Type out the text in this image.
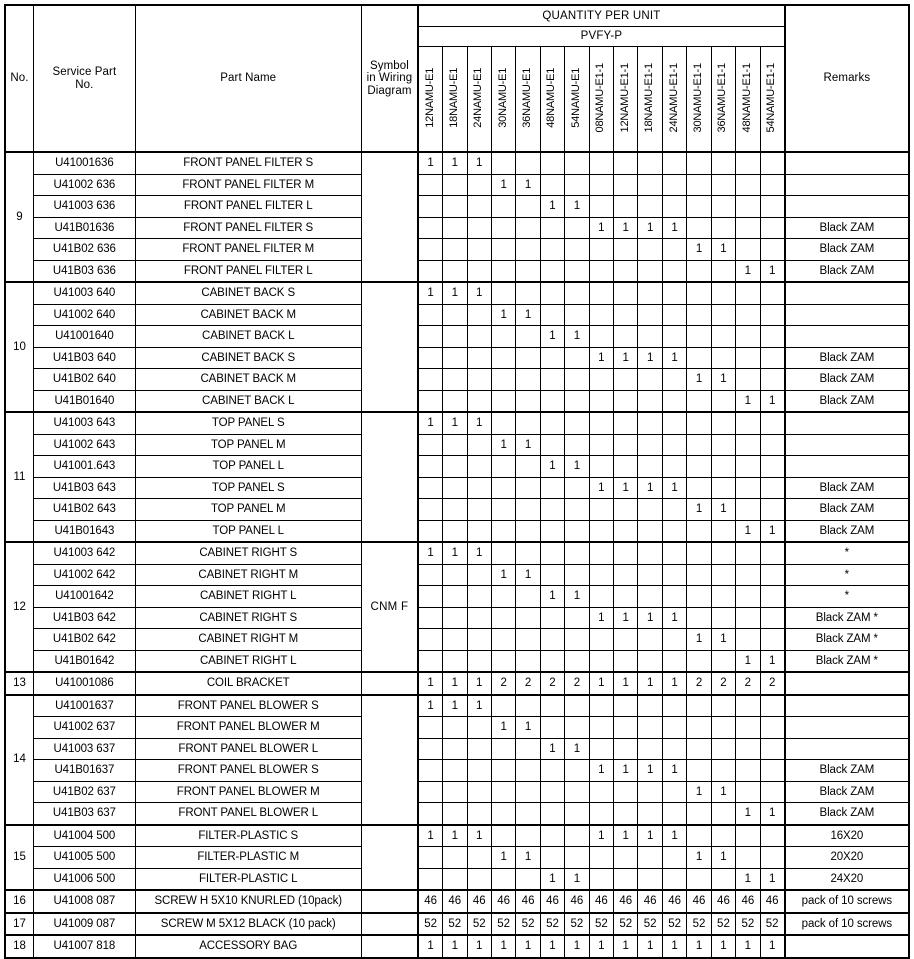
No.	Service Part
No.	Part Name	Symbol
in Wiring
Diagram	QUANTITY PER UNIT															Remarks
				PVFY-P															

				12NAMU-E1	18NAMU-E1	24NAMU-E1	30NAMU-E1	36NAMU-E1	48NAMU-E1	54NAMU-E1	08NAMU-E1-1	12NAMU-E1-1	18NAMU-E1-1	24NAMU-E1-1	30NAMU-E1-1	36NAMU-E1-1	48NAMU-E1-1	54NAMU-E1-1	

9	U41001636	FRONT PANEL FILTER S		1	1	1													
	U41002 636	FRONT PANEL FILTER M					1	1											
	U41003 636	FRONT PANEL FILTER L							1	1									
	U41B01636	FRONT PANEL FILTER S									1	1	1	1					Black ZAM
	U41B02 636	FRONT PANEL FILTER M													1	1			Black ZAM
	U41B03 636	FRONT PANEL FILTER L															1	1	Black ZAM
10	U41003 640	CABINET BACK S		1	1	1													
	U41002 640	CABINET BACK M					1	1											
	U41001640	CABINET BACK L							1	1									
	U41B03 640	CABINET BACK S									1	1	1	1					Black ZAM
	U41B02 640	CABINET BACK M													1	1			Black ZAM
	U41B01640	CABINET BACK L															1	1	Black ZAM
11	U41003 643	TOP PANEL S		1	1	1													
	U41002 643	TOP PANEL M					1	1											
	U41001.643	TOP PANEL L							1	1									
	U41B03 643	TOP PANEL S									1	1	1	1					Black ZAM
	U41B02 643	TOP PANEL M													1	1			Black ZAM
	U41B01643	TOP PANEL L															1	1	Black ZAM
12	U41003 642	CABINET RIGHT S	CNM F	1	1	1													*
	U41002 642	CABINET RIGHT M					1	1											*
	U41001642	CABINET RIGHT L							1	1									*
	U41B03 642	CABINET RIGHT S									1	1	1	1					Black ZAM *
	U41B02 642	CABINET RIGHT M													1	1			Black ZAM *
	U41B01642	CABINET RIGHT L															1	1	Black ZAM *
13	U41001086	COIL BRACKET		1	1	1	2	2	2	2	1	1	1	1	2	2	2	2	
14	U41001637	FRONT PANEL BLOWER S		1	1	1													
	U41002 637	FRONT PANEL BLOWER M					1	1											
	U41003 637	FRONT PANEL BLOWER L							1	1									
	U41B01637	FRONT PANEL BLOWER S									1	1	1	1					Black ZAM
	U41B02 637	FRONT PANEL BLOWER M													1	1			Black ZAM
	U41B03 637	FRONT PANEL BLOWER L															1	1	Black ZAM
15	U41004 500	FILTER-PLASTIC S		1	1	1					1	1	1	1					16X20
	U41005 500	FILTER-PLASTIC M					1	1							1	1			20X20
	U41006 500	FILTER-PLASTIC L							1	1							1	1	24X20
16	U41008 087	SCREW H 5X10 KNURLED (10pack)		46	46	46	46	46	46	46	46	46	46	46	46	46	46	46	pack of 10 screws
17	U41009 087	SCREW M 5X12 BLACK (10 pack)		52	52	52	52	52	52	52	52	52	52	52	52	52	52	52	pack of 10 screws
18	U41007 818	ACCESSORY BAG		1	1	1	1	1	1	1	1	1	1	1	1	1	1	1	
